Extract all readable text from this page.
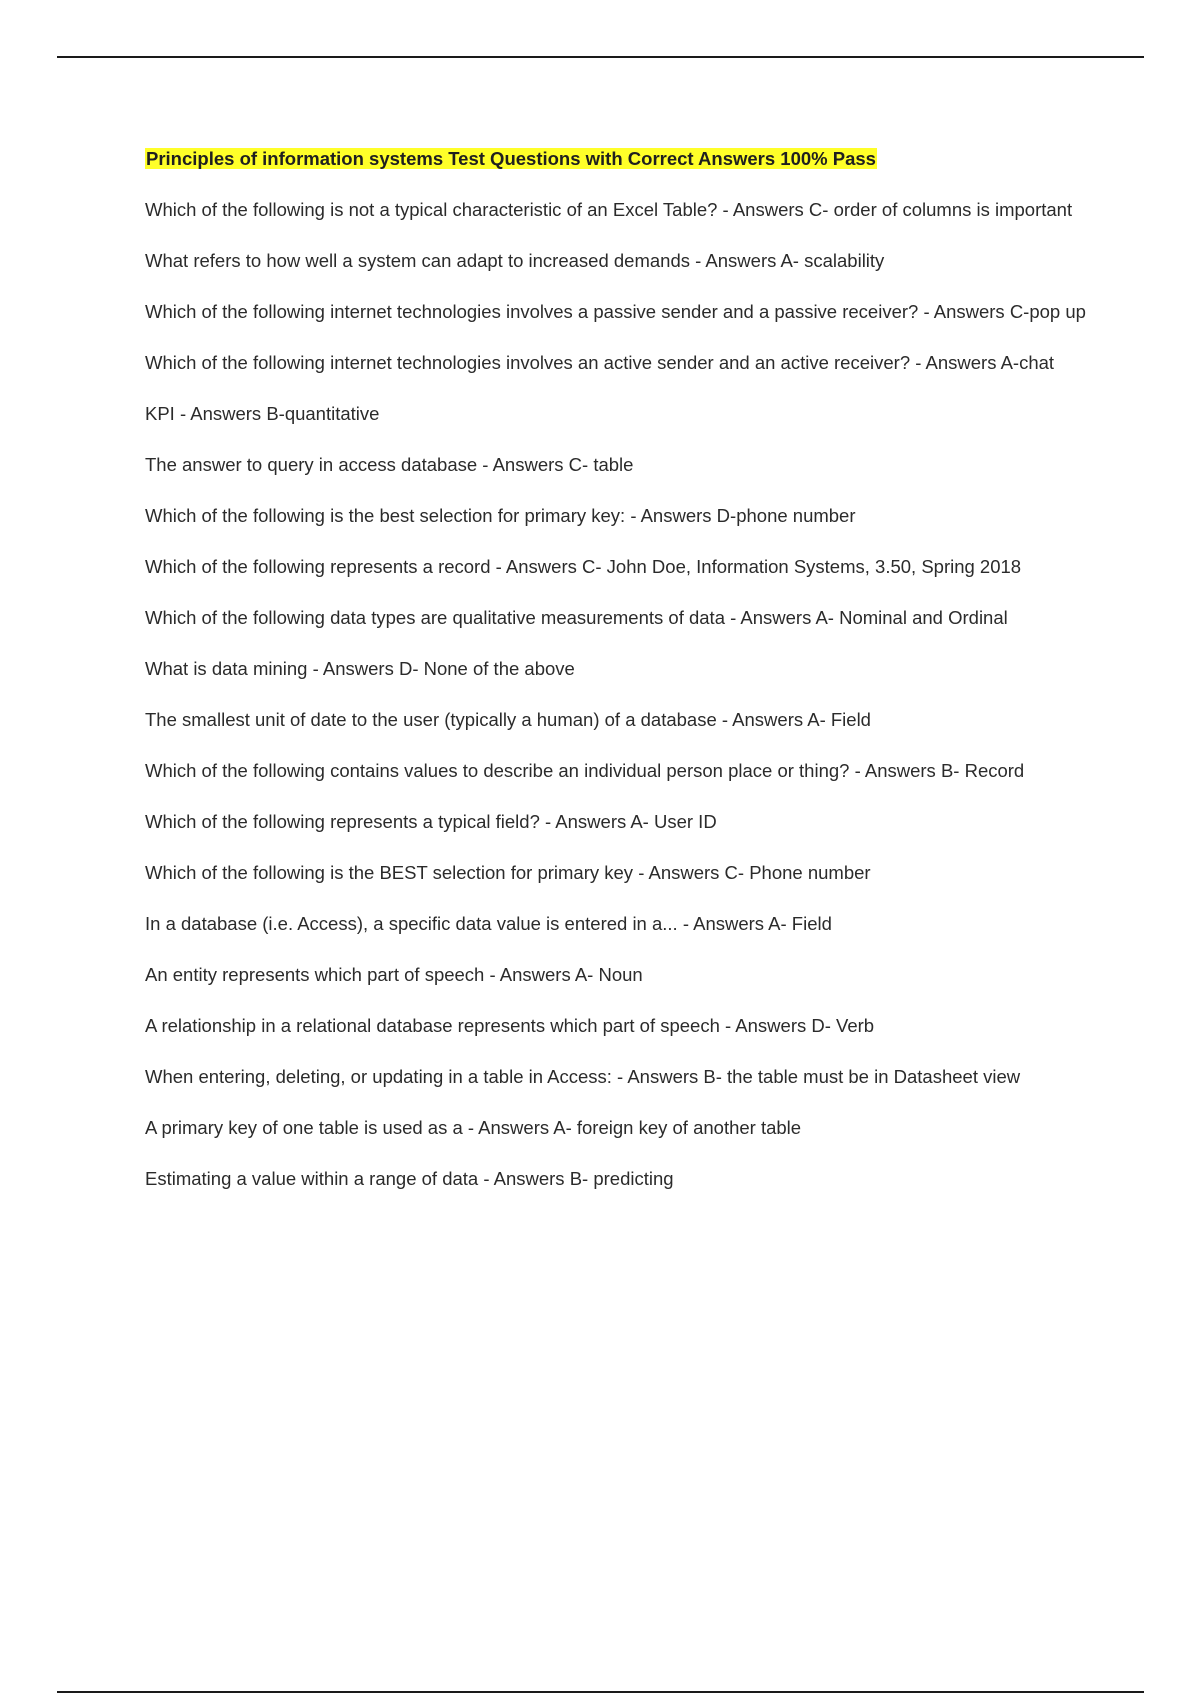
Principles of information systems Test Questions with Correct Answers 100% Pass
Which of the following is not a typical characteristic of an Excel Table? - Answers C- order of columns is important
What refers to how well a system can adapt to increased demands - Answers A- scalability
Which of the following internet technologies involves a passive sender and a passive receiver? - Answers C-pop up
Which of the following internet technologies involves an active sender and an active receiver? - Answers A-chat
KPI - Answers B-quantitative
The answer to query in access database - Answers C- table
Which of the following is the best selection for primary key: - Answers D-phone number
Which of the following represents a record - Answers C- John Doe, Information Systems, 3.50, Spring 2018
Which of the following data types are qualitative measurements of data - Answers A- Nominal and Ordinal
What is data mining - Answers D- None of the above
The smallest unit of date to the user (typically a human) of a database - Answers A- Field
Which of the following contains values to describe an individual person place or thing? - Answers B- Record
Which of the following represents a typical field? - Answers A- User ID
Which of the following is the BEST selection for primary key - Answers C- Phone number
In a database (i.e. Access), a specific data value is entered in a... - Answers A- Field
An entity represents which part of speech - Answers A- Noun
A relationship in a relational database represents which part of speech - Answers D- Verb
When entering, deleting, or updating in a table in Access: - Answers B- the table must be in Datasheet view
A primary key of one table is used as a - Answers A- foreign key of another table
Estimating a value within a range of data - Answers B- predicting
